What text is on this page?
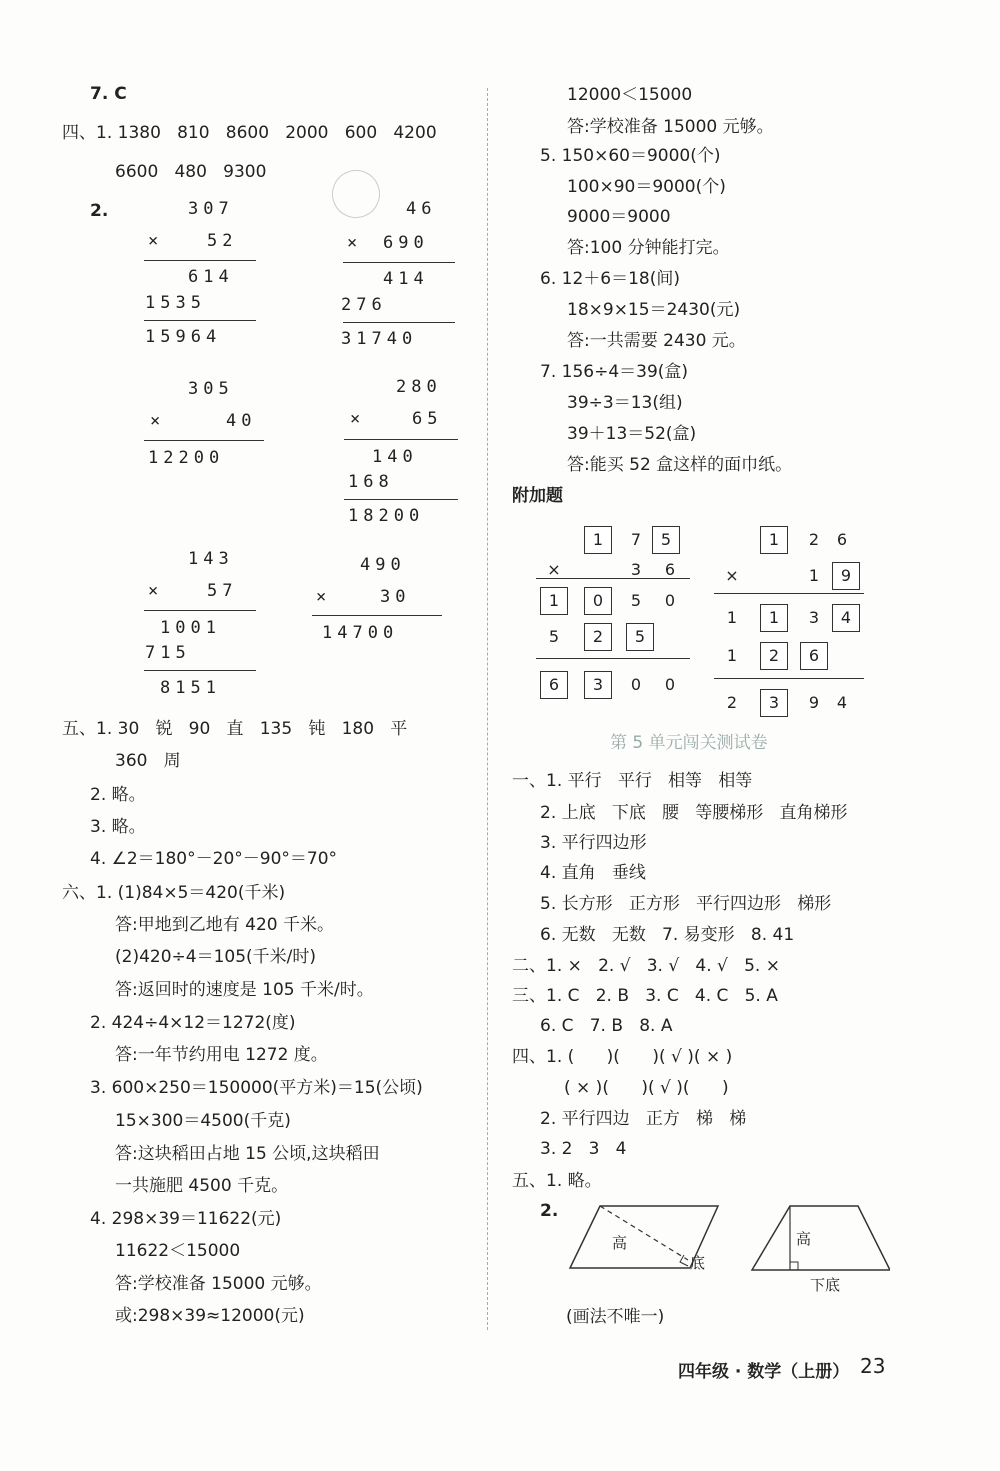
7. C

四、1. 1380   810   8600   2000   600   4200

6600   480   9300

2.	307
×	52
614
1535
15964
46
× 690
414
276
31740
305
×	40
12200
280
×	65
140
168
18200
143
×	57
1001
715
8151
490
×	30
14700

五、1. 30   锐   90   直   135   钝   180   平

360   周

2. 略。

3. 略。

4. ∠2＝180°－20°－90°＝70°

六、1. (1)84×5＝420(千米)

答:甲地到乙地有 420 千米。

(2)420÷4＝105(千米/时)

答:返回时的速度是 105 千米/时。

2. 424÷4×12＝1272(度)

答:一年节约用电 1272 度。

3. 600×250＝150000(平方米)＝15(公顷)

15×300＝4500(千克)

答:这块稻田占地 15 公顷,这块稻田

一共施肥 4500 千克。

4. 298×39＝11622(元)

11622＜15000

答:学校准备 15000 元够。

或:298×39≈12000(元)

12000＜15000

答:学校准备 15000 元够。

5. 150×60＝9000(个)

100×90＝9000(个)

9000＝9000

答:100 分钟能打完。

6. 12＋6＝18(间)

18×9×15＝2430(元)

答:一共需要 2430 元。

7. 156÷4＝39(盒)

39÷3＝13(组)

39＋13＝52(盒)

答:能买 52 盒这样的面巾纸。

附加题

1	7	5
×	3	6
1	0	5	0
5	2	5
6	3	0	0
1	2	6
×	1	9
1	1	3	4
1	2	6
2	3	9	4

第 5 单元闯关测试卷

一、1. 平行   平行   相等   相等

2. 上底   下底   腰   等腰梯形   直角梯形

3. 平行四边形

4. 直角   垂线

5. 长方形   正方形   平行四边形   梯形

6. 无数   无数   7. 易变形   8. 41

二、1. ×   2. √   3. √   4. √   5. ×

三、1. C   2. B   3. C   4. C   5. A

6. C   7. B   8. A

四、1. (      )(      )( √ )( × )

( × )(      )( √ )(      )

2. 平行四边   正方   梯   梯

3. 2   3   4

五、1. 略。

2.

高
底
高
下底

(画法不唯一)

四年级 · 数学（上册） 23
